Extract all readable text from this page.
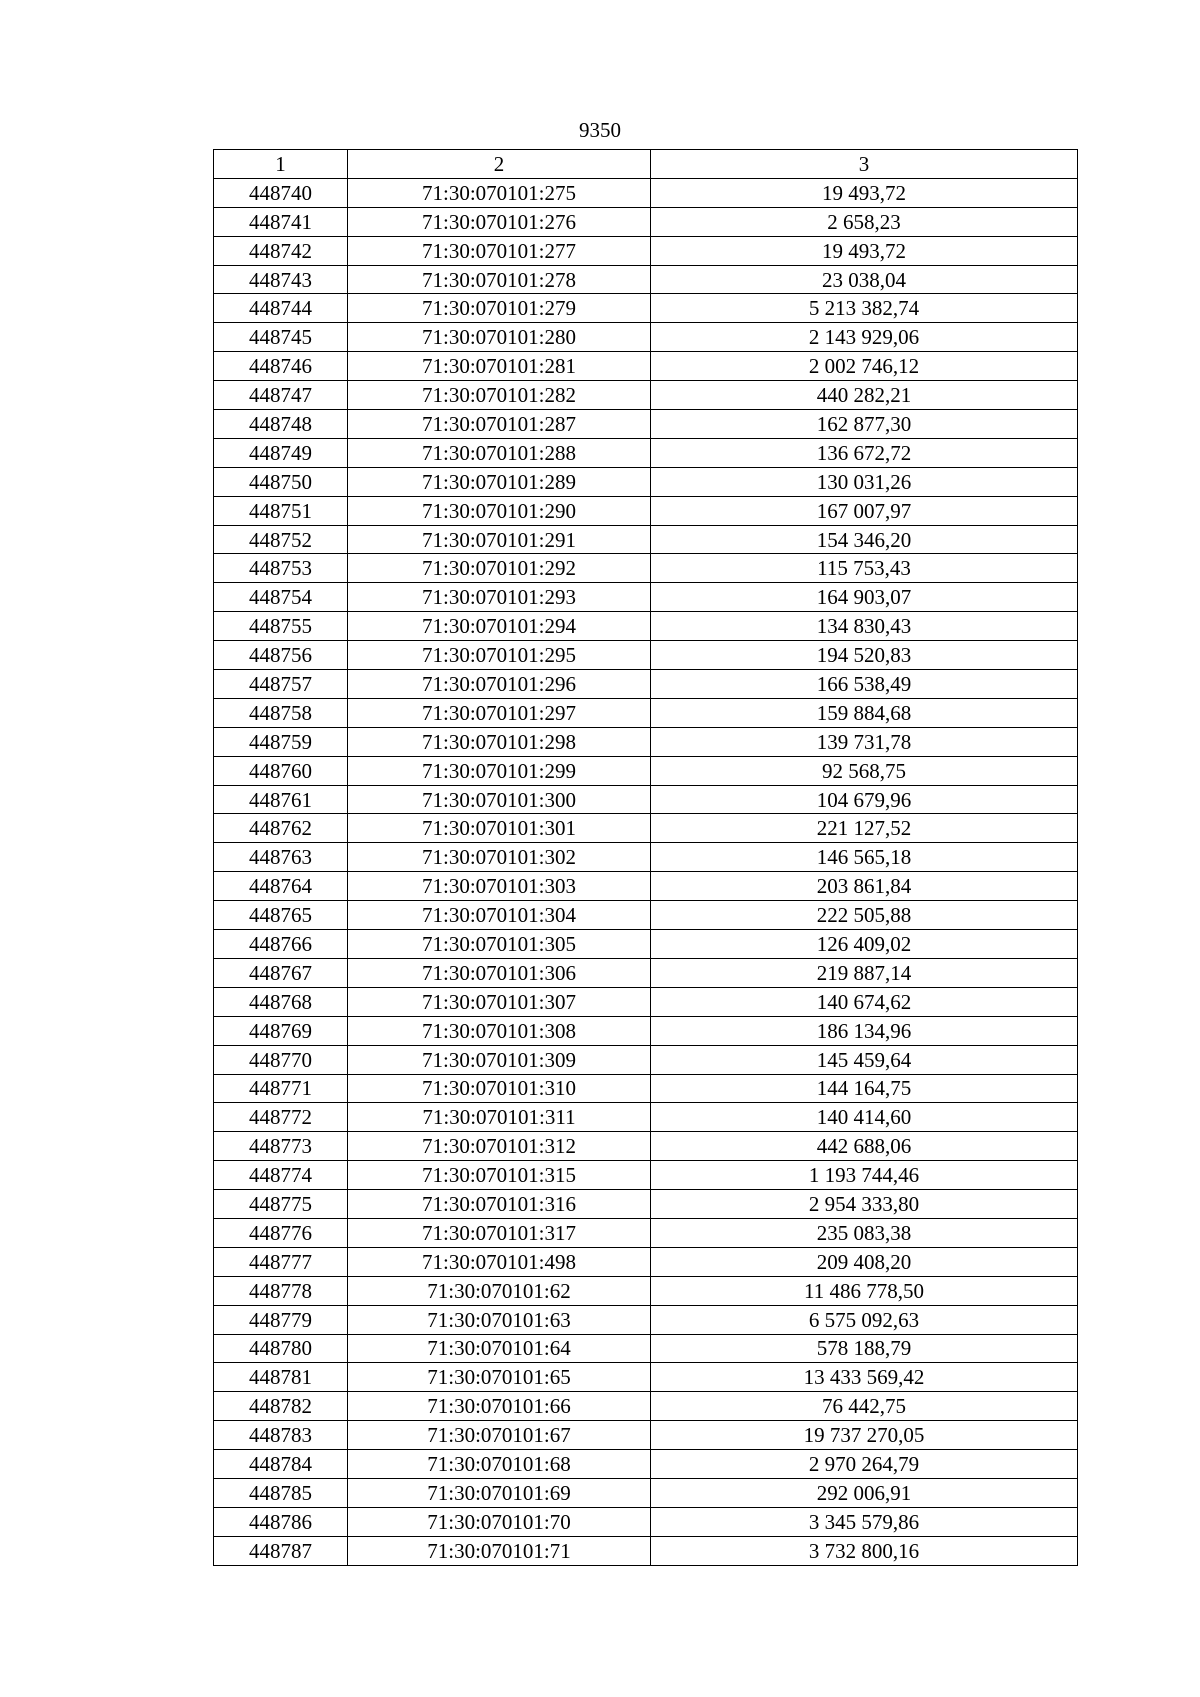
9350
1	2	3
448740	71:30:070101:275	19 493,72
448741	71:30:070101:276	2 658,23
448742	71:30:070101:277	19 493,72
448743	71:30:070101:278	23 038,04
448744	71:30:070101:279	5 213 382,74
448745	71:30:070101:280	2 143 929,06
448746	71:30:070101:281	2 002 746,12
448747	71:30:070101:282	440 282,21
448748	71:30:070101:287	162 877,30
448749	71:30:070101:288	136 672,72
448750	71:30:070101:289	130 031,26
448751	71:30:070101:290	167 007,97
448752	71:30:070101:291	154 346,20
448753	71:30:070101:292	115 753,43
448754	71:30:070101:293	164 903,07
448755	71:30:070101:294	134 830,43
448756	71:30:070101:295	194 520,83
448757	71:30:070101:296	166 538,49
448758	71:30:070101:297	159 884,68
448759	71:30:070101:298	139 731,78
448760	71:30:070101:299	92 568,75
448761	71:30:070101:300	104 679,96
448762	71:30:070101:301	221 127,52
448763	71:30:070101:302	146 565,18
448764	71:30:070101:303	203 861,84
448765	71:30:070101:304	222 505,88
448766	71:30:070101:305	126 409,02
448767	71:30:070101:306	219 887,14
448768	71:30:070101:307	140 674,62
448769	71:30:070101:308	186 134,96
448770	71:30:070101:309	145 459,64
448771	71:30:070101:310	144 164,75
448772	71:30:070101:311	140 414,60
448773	71:30:070101:312	442 688,06
448774	71:30:070101:315	1 193 744,46
448775	71:30:070101:316	2 954 333,80
448776	71:30:070101:317	235 083,38
448777	71:30:070101:498	209 408,20
448778	71:30:070101:62	11 486 778,50
448779	71:30:070101:63	6 575 092,63
448780	71:30:070101:64	578 188,79
448781	71:30:070101:65	13 433 569,42
448782	71:30:070101:66	76 442,75
448783	71:30:070101:67	19 737 270,05
448784	71:30:070101:68	2 970 264,79
448785	71:30:070101:69	292 006,91
448786	71:30:070101:70	3 345 579,86
448787	71:30:070101:71	3 732 800,16
